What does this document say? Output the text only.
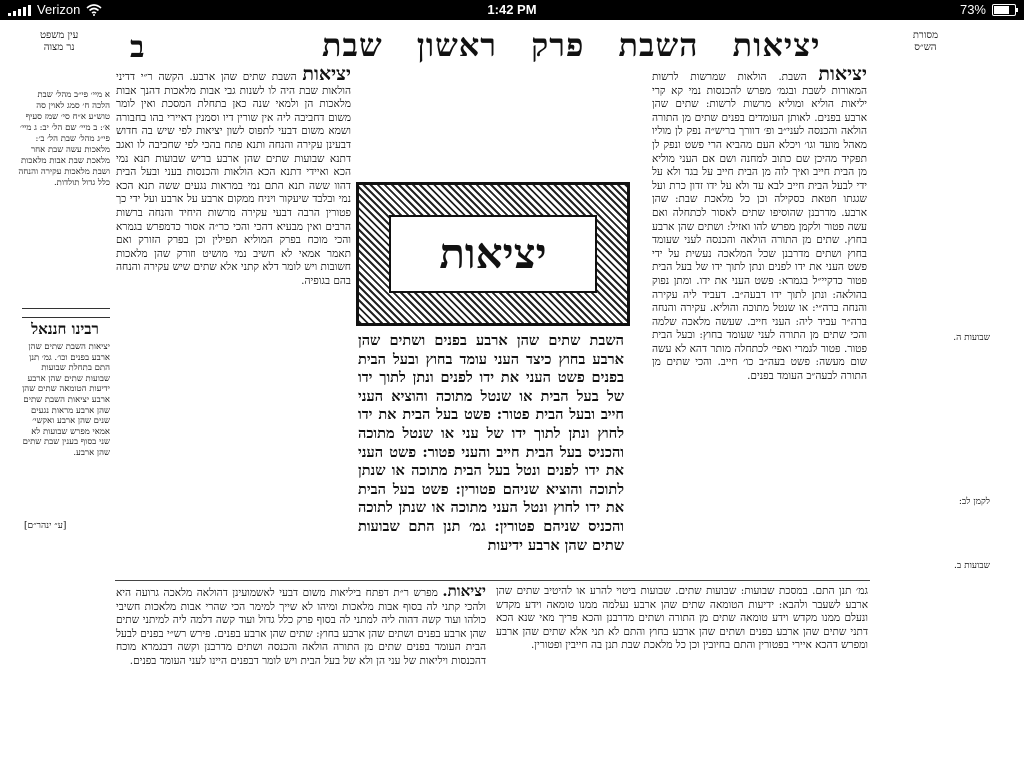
Verizon	1:42 PM	73%
עין משפט
נר מצוה	ב	יציאות השבת פרק ראשון שבת	מסורת
הש״ס
א מיי׳ פי״ב מהל׳ שבת הלכה ח׳ סמג לאוין סה טוש״ע א״ח סי׳ שמז סעיף א׳: ב מיי׳ שם הל׳ יב: ג מיי׳ פי״ג מהל׳ שבת הל׳ ב׳: מלאכות עשה שבת אחר מלאכת שבת אבות מלאכות ושבת מלאכות עקירה והנחה כלל גדול תולדות.
רבינו חננאל
יציאות השבת שתים שהן ארבע בפנים וכו׳. גמ׳ תנן התם בתחלת שבועות שבועות שתים שהן ארבע ידיעות הטומאה שתים שהן ארבע יציאות השבת שתים שהן ארבע מראות נגעים שנים שהן ארבע ואקשי׳ אמאי מפרש שבועות לא שני בסוף בענין שבת שתים שהן ארבע.

יציאות השבת שתים שהן ארבע. הקשה ר״י דדיני הולאות שבת היה לו לשנות גבי אבות מלאכות דהנך אבות מלאכות הן ולמאי שנה כאן בתחלת המסכת ואין לומר משום דחביבה ליה אין שורין דיו וסמנין דאיירי בהו בחבורה ושמא משום דבעי לתפוס לשון יציאות לפי שיש בה חדוש דבעינן עקירה והנחה ותנא פתח בהכי לפי שחביבה לו ואגב דתנא שבועות שתים שהן ארבע בריש שבועות תנא נמי הכא ואיידי דתנא הכא הולאות והכנסות בעני ובעל הבית דהוו ששה תנא התם נמי במראות נגעים ששה תנא הכא נמי ובלבד שיעקור ויניח ממקום ארבע על ארבע ועל ידי כך פטורין הרבה דבעי עקירה מרשות היחיד והנחה ברשות הרבים ואין מבעיא דהכי והכי כר״ה אסור כדמפרש בגמרא והכי מוכח בפרק המוליא תפילין וכן בפרק הזורק ואם תאמר אמאי לא חשיב נמי מושיט וזורק שהן מלאכות חשובות ויש לומר דלא קתני אלא שתים שיש עקירה והנחה בהם בגופיה.

יציאות
השבת שתים שהן ארבע בפנים ושתים שהן ארבע בחוץ כיצד העני עומד בחוץ ובעל הבית בפנים פשט העני את ידו לפנים ונתן לתוך ידו של בעל הבית או שנטל מתוכה והוציא העני חייב ובעל הבית פטור: פשט בעל הבית את ידו לחוץ ונתן לתוך ידו של עני או שנטל מתוכה והכניס בעל הבית חייב והעני פטור: פשט העני את ידו לפנים ונטל בעל הבית מתוכה או שנתן לתוכה והוציא שניהם פטורין: פשט בעל הבית את ידו לחוץ ונטל העני מתוכה או שנתן לתוכה והכניס שניהם פטורין: גמ׳ תנן התם שבועות שתים שהן ארבע ידיעות

יציאות השבת. הולאות שמרשות לרשות המאורות לשבת ובגמ׳ מפרש להכנסות נמי קא קרי יליאות הוליא ומוליא מרשות לרשות: שתים שהן ארבע בפנים. לאותן העומדים בפנים שתים מן התורה הולאה והכנסה לעני״ב ופ׳ דוורך בריש״ה נפק לן מוליו מאהל מועד וגו׳ ויכלא העם מהביא הרי פשט ונפק לן תפקיד מהיכן שם כתוב למחנה ושם אם העני מוליא מן הבית חייב ואיך לוה מן הבית חייב על בגד ולא על ידי לבעל הבית חייב לבא עד ולא על ידו זדון כרת ועל שגגתו חטאת כסקילה וכן כל מלאכת שבת: שהן ארבע. מדרבנן שהוסיפו שתים לאסור לכתחלה ואם עשה פטור ולקמן מפרש להו ואזיל: ושתים שהן ארבע בחוץ. שתים מן התורה הולאה והכנסה לעני שעומד בחוץ ושתים מדרבנן שכל המלאכה נעשית על ידי פשט העני את ידו לפנים ונתן לתוך ידו של בעל הבית פטור כדקיי״ל בגמרא: פשט העני את ידו. ומתן נפוק בהולאה: ונתן לתוך ידו דבעה״ב. דעביד ליה עקירה והנחה ברה״י: או שנטל מתוכה והוליא. עקירה והנחה ברה״ר עביד ליה: העני חייב. שעשה מלאכה שלמה והכי שתים מן התורה לעני שעומד בחוץ: ובעל הבית פטור. פטור לגמרי ואפי׳ לכתחלה מותר דהא לא עשה שום מעשה: פשט בעה״ב כו׳ חייב. והכי שתים מן התורה לבעה״ב העומד בפנים.

יציאות. מפרש ר״ת דפתח ביליאות משום דבעי לאשמועינן דהולאה מלאכה גרועה היא ולהכי קתני לה בסוף אבות מלאכות ומיהו לא שייך למימר הכי שהרי אבות מלאכות חשיבי כולהו ועוד קשה דהוה ליה למתני לה בסוף פרק כלל גדול ועוד קשה דלמה ליה למיתני שתים שהן ארבע בפנים ושתים שהן ארבע בחוץ: שתים שהן ארבע בפנים. פירש רש״י בפנים לבעל הבית העומד בפנים שתים מן התורה הולאה והכנסה ושתים מדרבנן וקשה דבגמרא מוכח דהכנסות ויליאות של עני הן ולא של בעל הבית ויש לומר דבפנים היינו לעני העומד בפנים.

גמ׳ תנן התם. במסכת שבועות: שבועות שתים. שבועות ביטוי להרע או להיטיב שתים שהן ארבע לשעבר ולהבא: ידיעות הטומאה שתים שהן ארבע נעלמה ממנו טומאה וידע מקדש ונעלם ממנו מקדש וידע טומאה שתים מן התורה ושתים מדרבנן והכא פריך מאי שנא הכא דתני שתים שהן ארבע בפנים ושתים שהן ארבע בחוץ והתם לא תני אלא שתים שהן ארבע ומפרש דהכא איירי בפטורין והתם בחיובין וכן כל מלאכת שבת תנן בה חייבין ופטורין.

שבועות ה.
לקמן לב:
שבועות ב.
[ע״ ינהר״ם]
